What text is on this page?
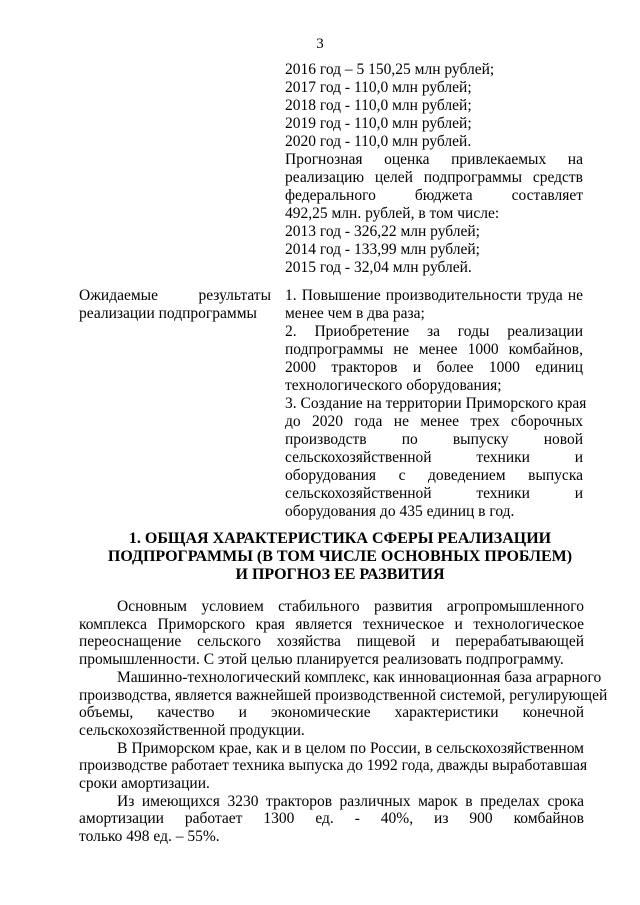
3
2016 год – 5 150,25 млн рублей;
2017 год - 110,0 млн рублей;
2018 год - 110,0 млн рублей;
2019 год - 110,0 млн рублей;
2020 год - 110,0 млн рублей.
Прогнозная оценка привлекаемых на
реализацию целей подпрограммы средств
федерального бюджета составляет
492,25 млн. рублей, в том числе:
2013 год - 326,22 млн рублей;
2014 год - 133,99 млн рублей;
2015 год - 32,04 млн рублей.
Ожидаемые результаты
реализации подпрограммы
1. Повышение производительности труда не
менее чем в два раза;
2. Приобретение за годы реализации
подпрограммы не менее 1000 комбайнов,
2000 тракторов и более 1000 единиц
технологического оборудования;
3. Создание на территории Приморского края
до 2020 года не менее трех сборочных
производств по выпуску новой
сельскохозяйственной техники и
оборудования с доведением выпуска
сельскохозяйственной техники и
оборудования до 435 единиц в год.
1. ОБЩАЯ ХАРАКТЕРИСТИКА СФЕРЫ РЕАЛИЗАЦИИ
ПОДПРОГРАММЫ (В ТОМ ЧИСЛЕ ОСНОВНЫХ ПРОБЛЕМ)
И ПРОГНОЗ ЕЕ РАЗВИТИЯ
Основным условием стабильного развития агропромышленного
комплекса Приморского края является техническое и технологическое
переоснащение сельского хозяйства пищевой и перерабатывающей
промышленности. С этой целью планируется реализовать подпрограмму.
Машинно-технологический комплекс, как инновационная база аграрного
производства, является важнейшей производственной системой, регулирующей
объемы, качество и экономические характеристики конечной
сельскохозяйственной продукции.
В Приморском крае, как и в целом по России, в сельскохозяйственном
производстве работает техника выпуска до 1992 года, дважды выработавшая
сроки амортизации.
Из имеющихся 3230 тракторов различных марок в пределах срока
амортизации работает 1300 ед. - 40%, из 900 комбайнов
только 498 ед. – 55%.
